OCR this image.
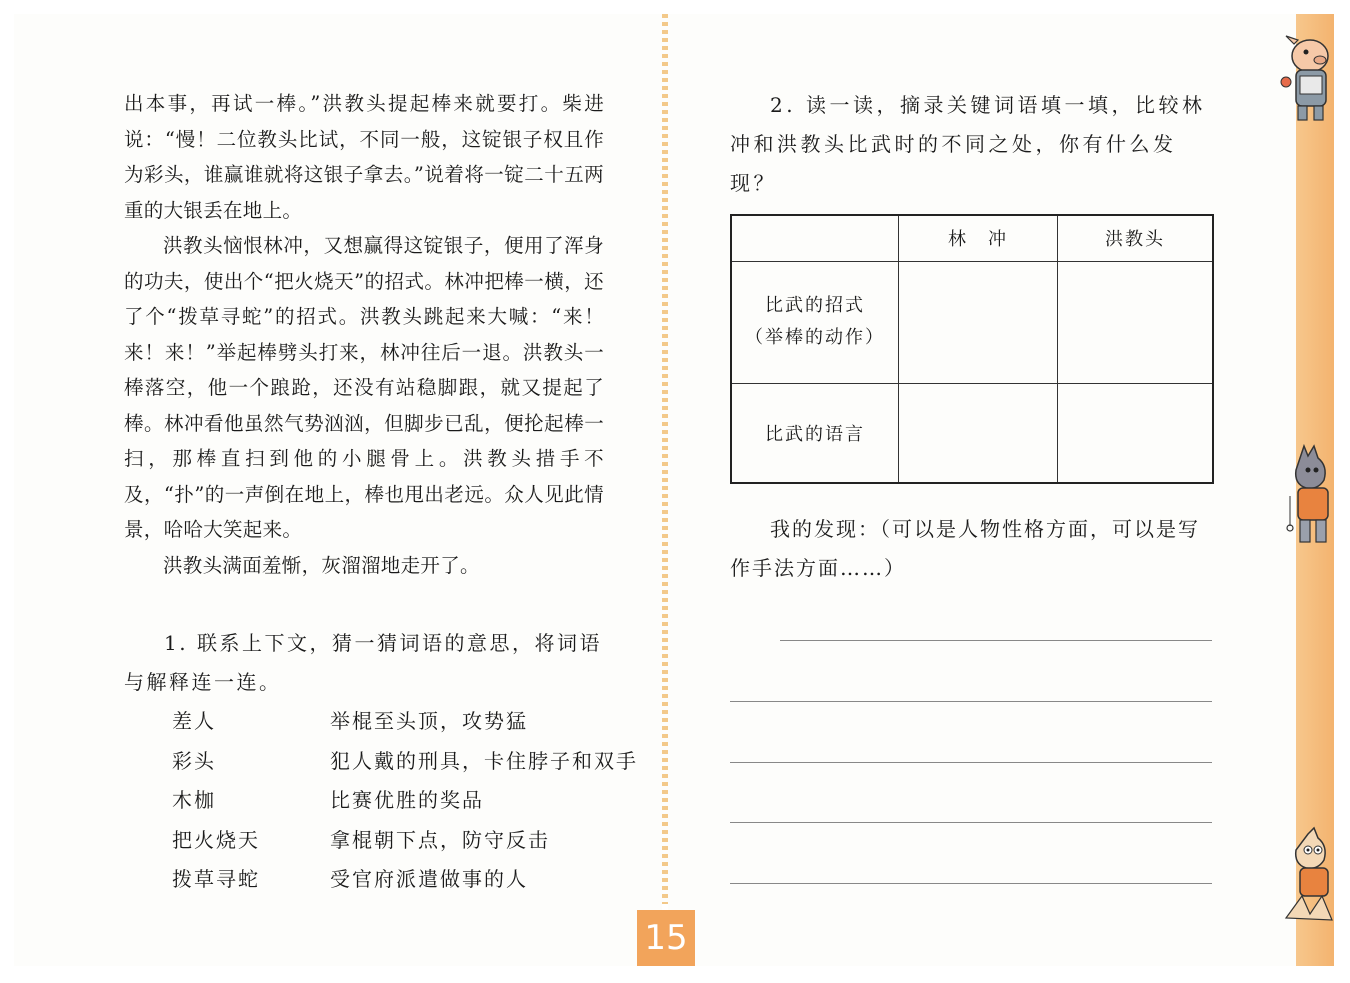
出本事，再试一棒。”洪教头提起棒来就要打。柴进说：“慢！二位教头比试，不同一般，这锭银子权且作为彩头，谁赢谁就将这银子拿去。”说着将一锭二十五两重的大银丢在地上。

洪教头恼恨林冲，又想赢得这锭银子，便用了浑身的功夫，使出个“把火烧天”的招式。林冲把棒一横，还了个“拨草寻蛇”的招式。洪教头跳起来大喊：“来！来！来！”举起棒劈头打来，林冲往后一退。洪教头一棒落空，他一个踉跄，还没有站稳脚跟，就又提起了棒。林冲看他虽然气势汹汹，但脚步已乱，便抡起棒一扫，那棒直扫到他的小腿骨上。洪教头措手不及，“扑”的一声倒在地上，棒也甩出老远。众人见此情景，哈哈大笑起来。

洪教头满面羞惭，灰溜溜地走开了。

1. 联系上下文，猜一猜词语的意思，将词语与解释连一连。

差人	举棍至头顶，攻势猛
彩头	犯人戴的刑具，卡住脖子和双手
木枷	比赛优胜的奖品
把火烧天	拿棍朝下点，防守反击
拨草寻蛇	受官府派遣做事的人

2. 读一读，摘录关键词语填一填，比较林冲和洪教头比武时的不同之处，你有什么发现？

	林　冲	洪教头

比武的招式
（举棒的动作）		

比武的语言		

我的发现：（可以是人物性格方面，可以是写作手法方面……）

15
